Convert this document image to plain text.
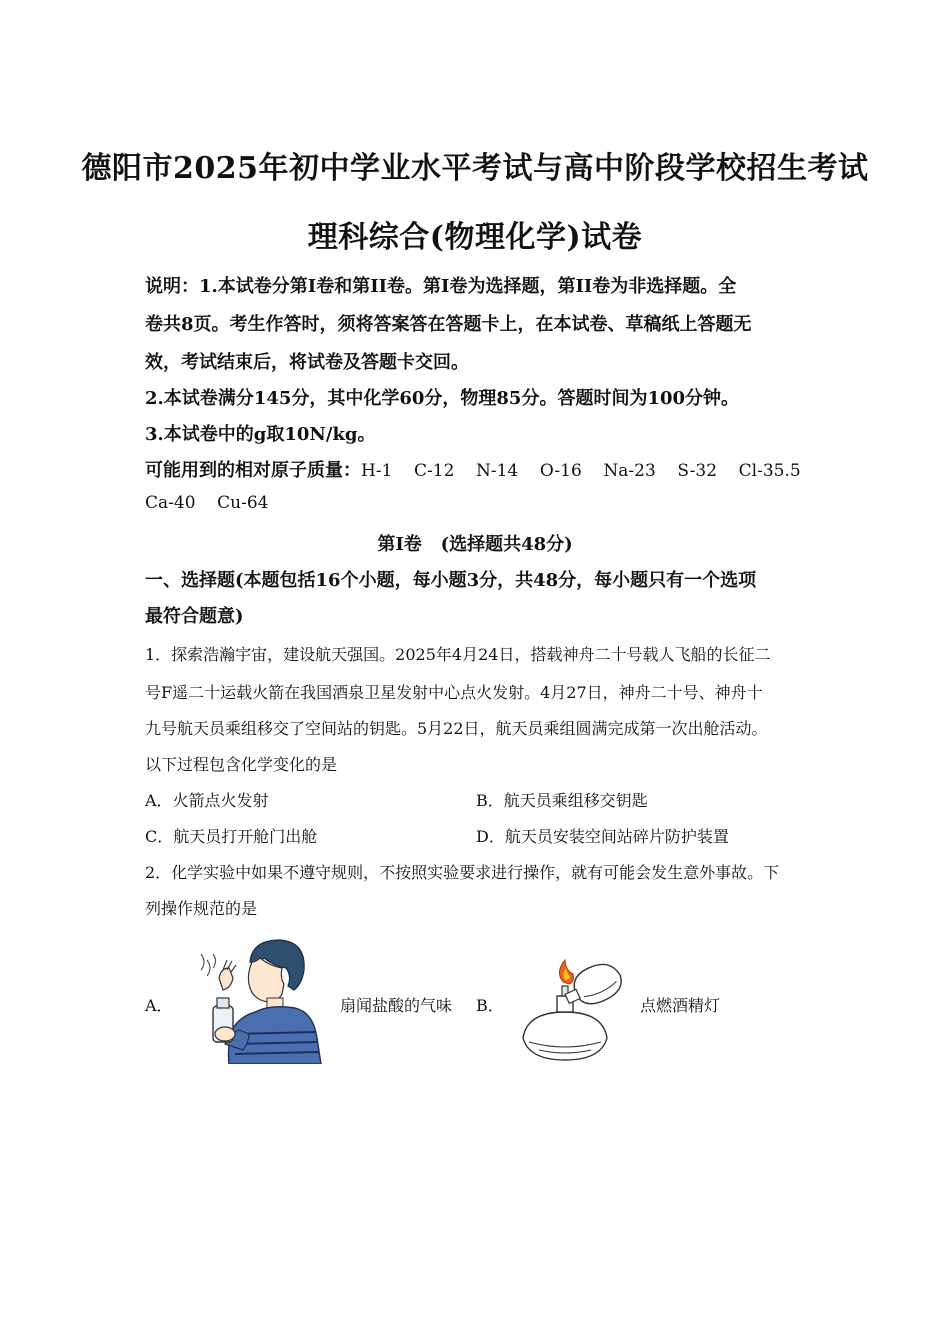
德阳市2025年初中学业水平考试与高中阶段学校招生考试
理科综合(物理化学)试卷
说明：1.本试卷分第I卷和第II卷。第I卷为选择题，第II卷为非选择题。全
卷共8页。考生作答时，须将答案答在答题卡上，在本试卷、草稿纸上答题无
效，考试结束后，将试卷及答题卡交回。
2.本试卷满分145分，其中化学60分，物理85分。答题时间为100分钟。
3.本试卷中的g取10N/kg。
可能用到的相对原子质量：H-1    C-12    N-14    O-16    Na-23    S-32    Cl-35.5
Ca-40    Cu-64
第I卷   (选择题共48分)
一、选择题(本题包括16个小题，每小题3分，共48分，每小题只有一个选项
最符合题意)
1．探索浩瀚宇宙，建设航天强国。2025年4月24日，搭载神舟二十号载人飞船的长征二
号F遥二十运载火箭在我国酒泉卫星发射中心点火发射。4月27日，神舟二十号、神舟十
九号航天员乘组移交了空间站的钥匙。5月22日，航天员乘组圆满完成第一次出舱活动。
以下过程包含化学变化的是
A．火箭点火发射	B．航天员乘组移交钥匙
C．航天员打开舱门出舱	D．航天员安装空间站碎片防护装置
2．化学实验中如果不遵守规则，不按照实验要求进行操作，就有可能会发生意外事故。下
列操作规范的是
A．	扇闻盐酸的气味 B．	点燃酒精灯
